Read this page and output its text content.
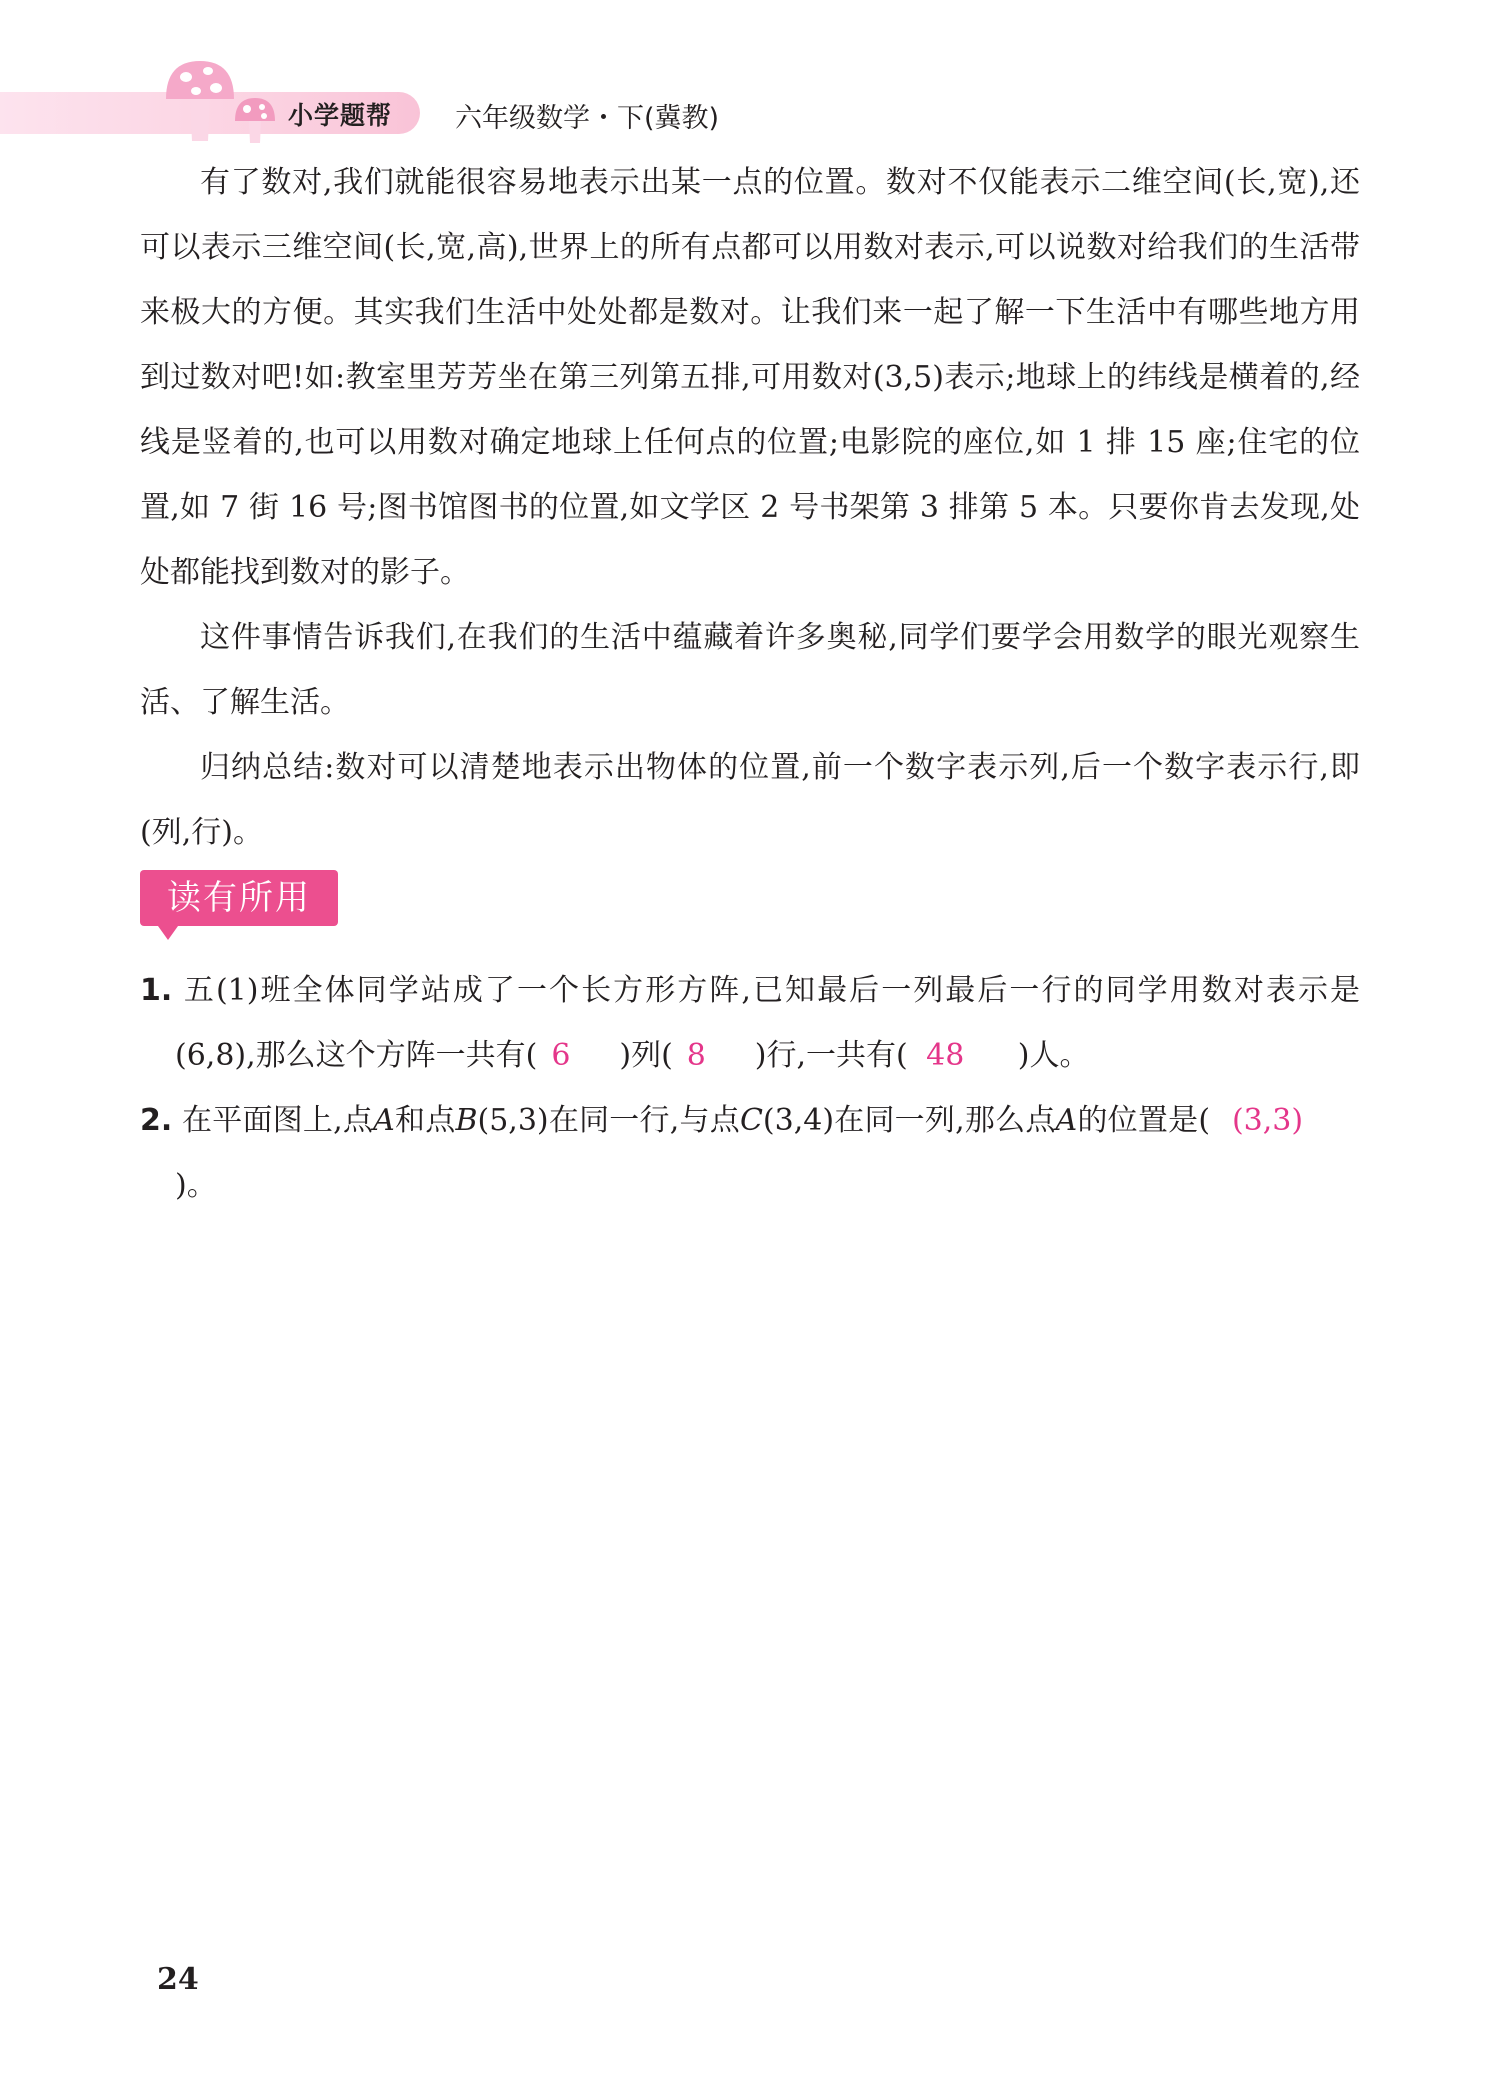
小学题帮 六年级数学・下(冀教)

有了数对,我们就能很容易地表示出某一点的位置。数对不仅能表示二维空间(长,宽),还可以表示三维空间(长,宽,高),世界上的所有点都可以用数对表示,可以说数对给我们的生活带来极大的方便。其实我们生活中处处都是数对。让我们来一起了解一下生活中有哪些地方用到过数对吧!如:教室里芳芳坐在第三列第五排,可用数对(3,5)表示;地球上的纬线是横着的,经线是竖着的,也可以用数对确定地球上任何点的位置;电影院的座位,如 1 排 15 座;住宅的位置,如 7 街 16 号;图书馆图书的位置,如文学区 2 号书架第 3 排第 5 本。只要你肯去发现,处处都能找到数对的影子。

这件事情告诉我们,在我们的生活中蕴藏着许多奥秘,同学们要学会用数学的眼光观察生活、了解生活。

归纳总结:数对可以清楚地表示出物体的位置,前一个数字表示列,后一个数字表示行,即(列,行)。

读有所用

1. 五(1)班全体同学站成了一个长方形方阵,已知最后一列最后一行的同学用数对表示是(6,8),那么这个方阵一共有( 6 )列( 8 )行,一共有( 48 )人。

2. 在平面图上,点A和点B(5,3)在同一行,与点C(3,4)在同一列,那么点A的位置是( (3,3))。

24
